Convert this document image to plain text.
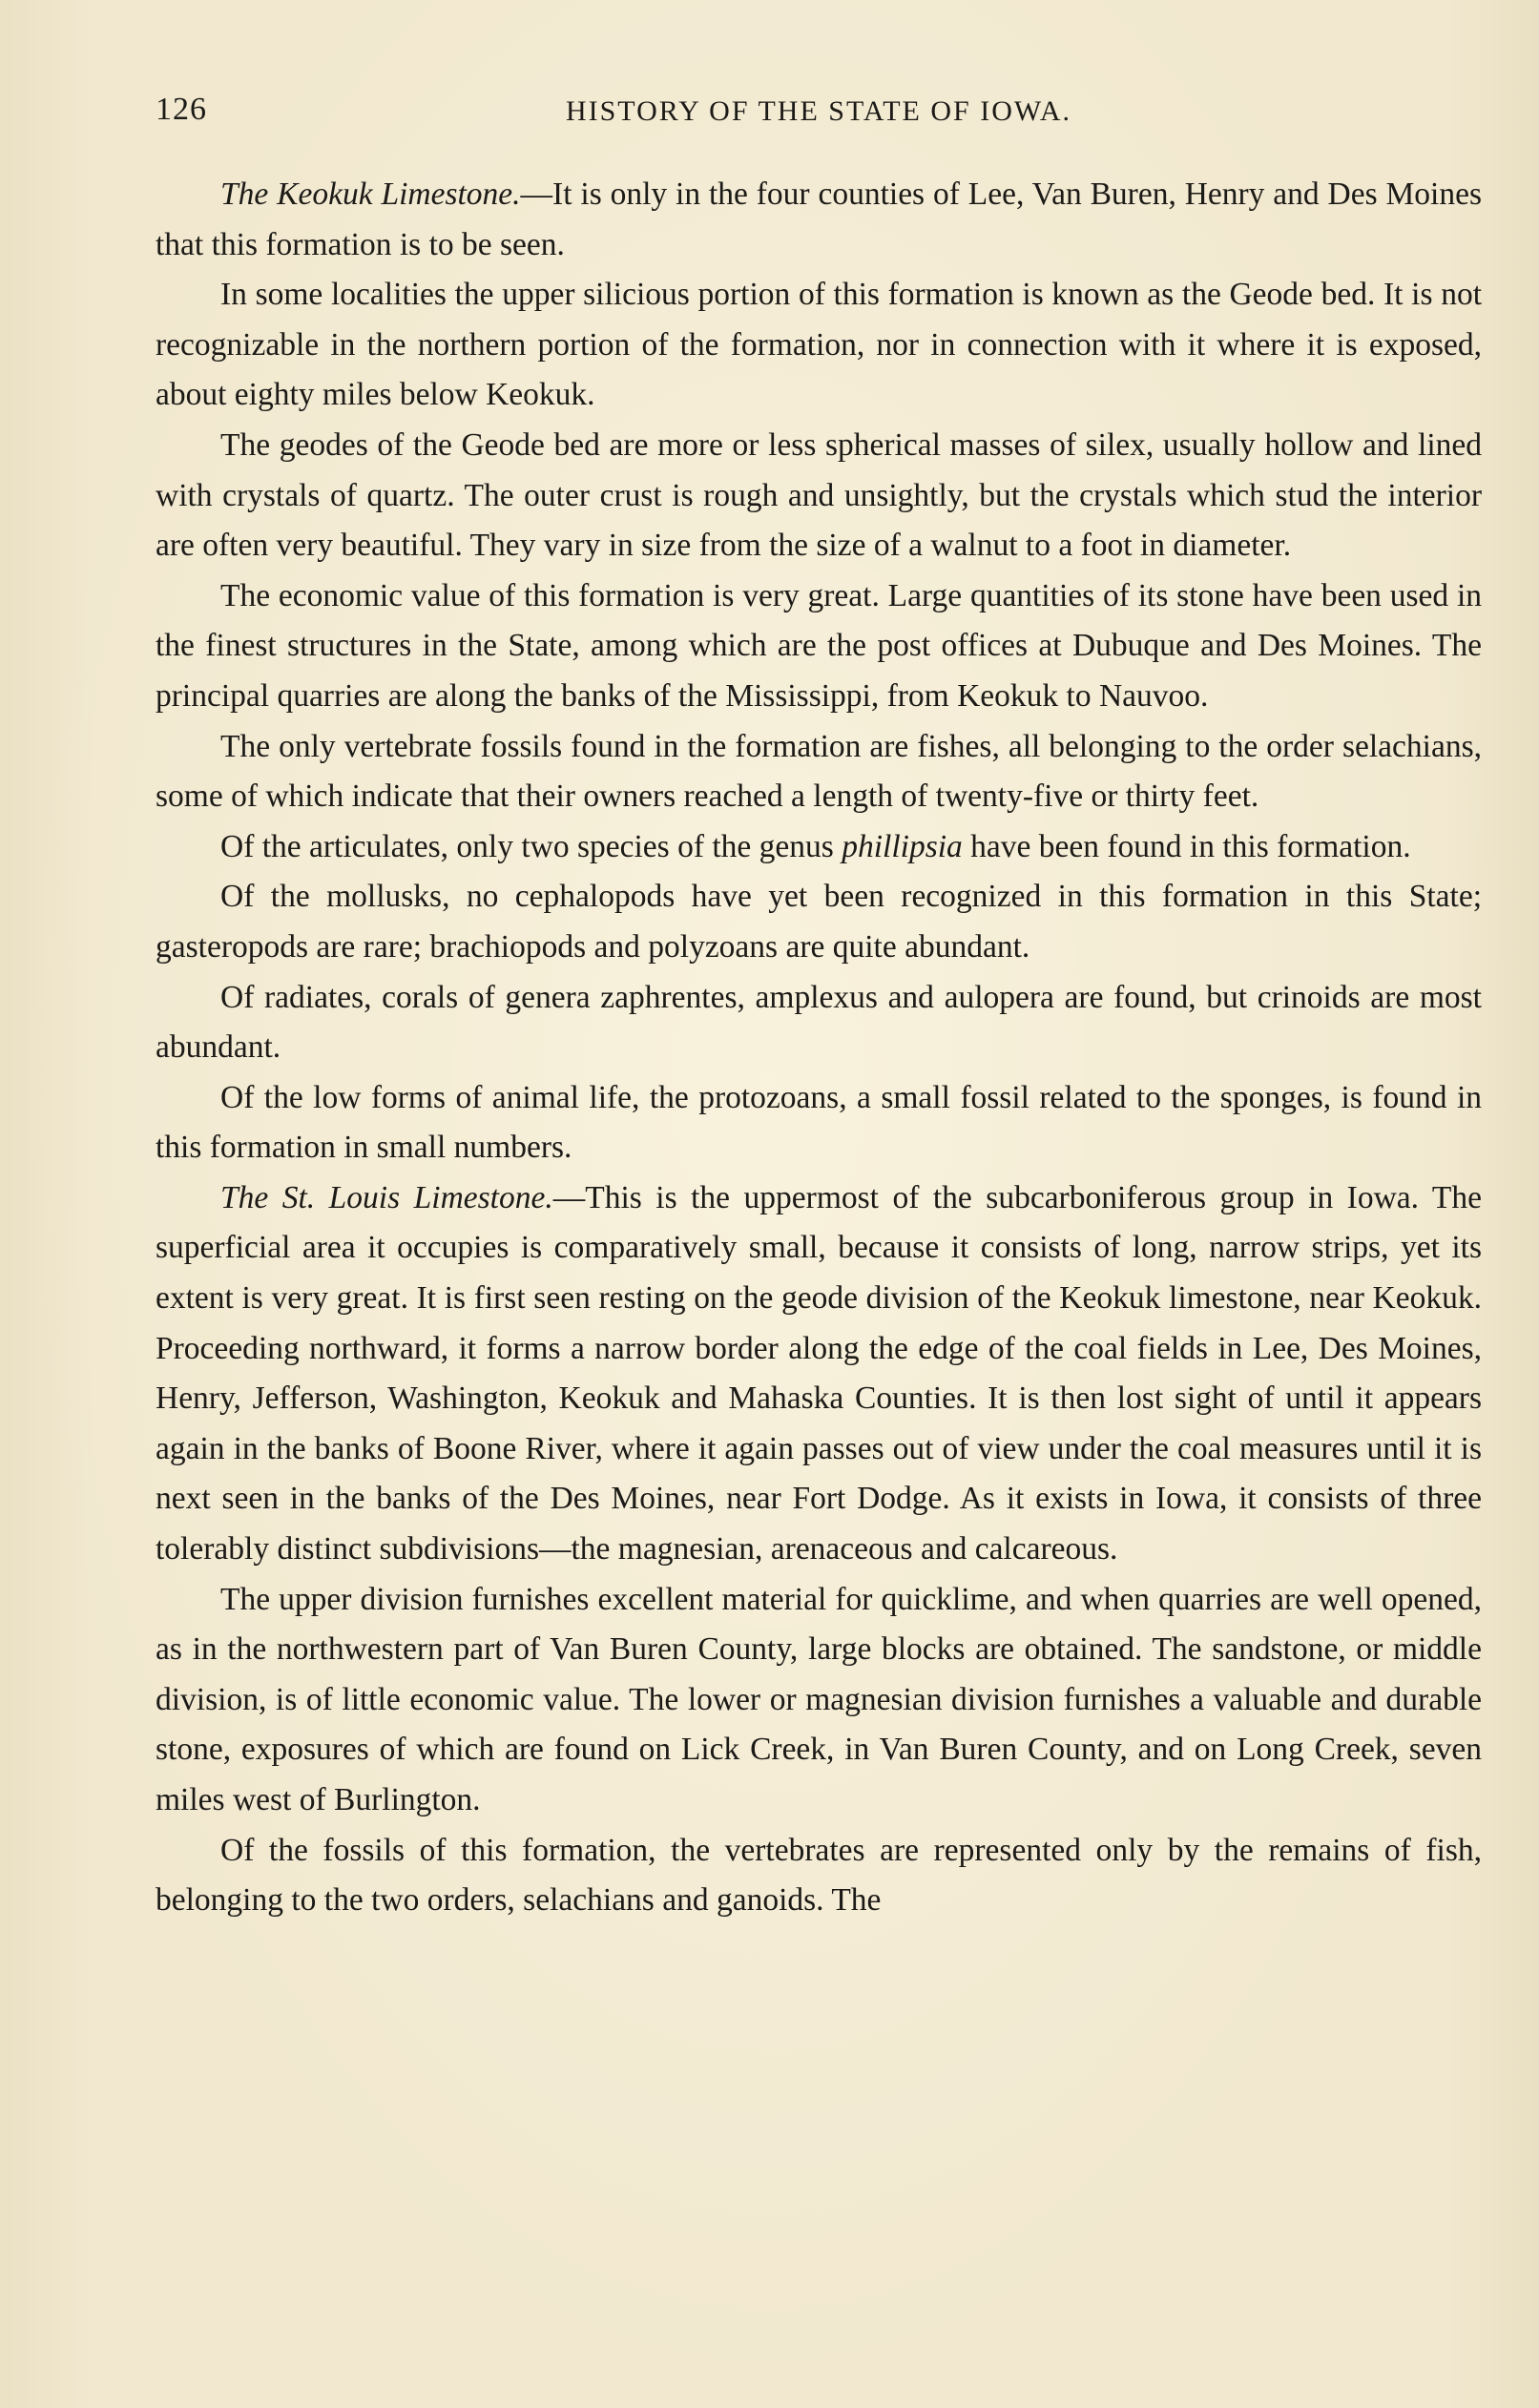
126	HISTORY OF THE STATE OF IOWA.

The Keokuk Limestone.—It is only in the four counties of Lee, Van Buren, Henry and Des Moines that this formation is to be seen.

In some localities the upper silicious portion of this formation is known as the Geode bed. It is not recognizable in the northern portion of the formation, nor in connection with it where it is exposed, about eighty miles below Keokuk.

The geodes of the Geode bed are more or less spherical masses of silex, usually hollow and lined with crystals of quartz. The outer crust is rough and unsightly, but the crystals which stud the interior are often very beautiful. They vary in size from the size of a walnut to a foot in diameter.

The economic value of this formation is very great. Large quantities of its stone have been used in the finest structures in the State, among which are the post offices at Dubuque and Des Moines. The principal quarries are along the banks of the Mississippi, from Keokuk to Nauvoo.

The only vertebrate fossils found in the formation are fishes, all belonging to the order selachians, some of which indicate that their owners reached a length of twenty-five or thirty feet.

Of the articulates, only two species of the genus phillipsia have been found in this formation.

Of the mollusks, no cephalopods have yet been recognized in this formation in this State; gasteropods are rare; brachiopods and polyzoans are quite abundant.

Of radiates, corals of genera zaphrentes, amplexus and aulopera are found, but crinoids are most abundant.

Of the low forms of animal life, the protozoans, a small fossil related to the sponges, is found in this formation in small numbers.

The St. Louis Limestone.—This is the uppermost of the subcarboniferous group in Iowa. The superficial area it occupies is comparatively small, because it consists of long, narrow strips, yet its extent is very great. It is first seen resting on the geode division of the Keokuk limestone, near Keokuk. Proceeding northward, it forms a narrow border along the edge of the coal fields in Lee, Des Moines, Henry, Jefferson, Washington, Keokuk and Mahaska Counties. It is then lost sight of until it appears again in the banks of Boone River, where it again passes out of view under the coal measures until it is next seen in the banks of the Des Moines, near Fort Dodge. As it exists in Iowa, it consists of three tolerably distinct subdivisions—the magnesian, arenaceous and calcareous.

The upper division furnishes excellent material for quicklime, and when quarries are well opened, as in the northwestern part of Van Buren County, large blocks are obtained. The sandstone, or middle division, is of little economic value. The lower or magnesian division furnishes a valuable and durable stone, exposures of which are found on Lick Creek, in Van Buren County, and on Long Creek, seven miles west of Burlington.

Of the fossils of this formation, the vertebrates are represented only by the remains of fish, belonging to the two orders, selachians and ganoids. The
